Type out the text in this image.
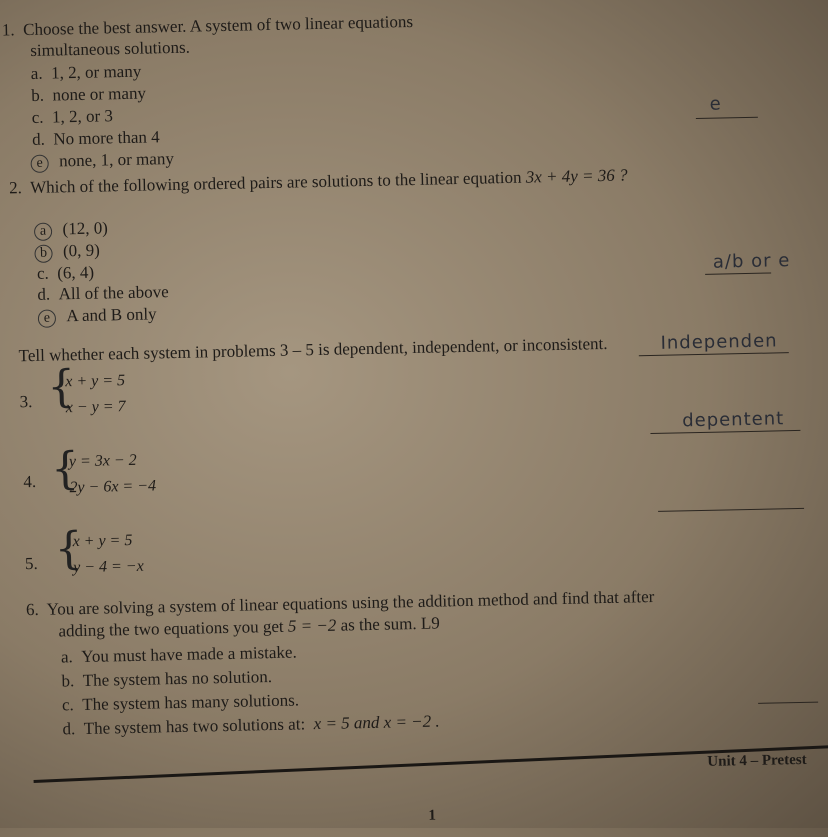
1. Choose the best answer. A system of two linear equations
simultaneous solutions.
a. 1, 2, or many
b. none or many
c. 1, 2, or 3
d. No more than 4
e none, 1, or many
e
2. Which of the following ordered pairs are solutions to the linear equation 3x + 4y = 36 ?
a (12, 0)
b (0, 9)
c. (6, 4)
d. All of the above
e A and B only
a/b or e
Tell whether each system in problems 3 – 5 is dependent, independent, or inconsistent.
3. {
x + y = 5
x − y = 7
Independen
4. {
y = 3x − 2
2y − 6x = −4
depentent
5. {
x + y = 5
y − 4 = −x
6. You are solving a system of linear equations using the addition method and find that after
adding the two equations you get 5 = −2 as the sum. L9
a. You must have made a mistake.
b. The system has no solution.
c. The system has many solutions.
d. The system has two solutions at: x = 5 and x = −2 .
Unit 4 – Pretest
1
